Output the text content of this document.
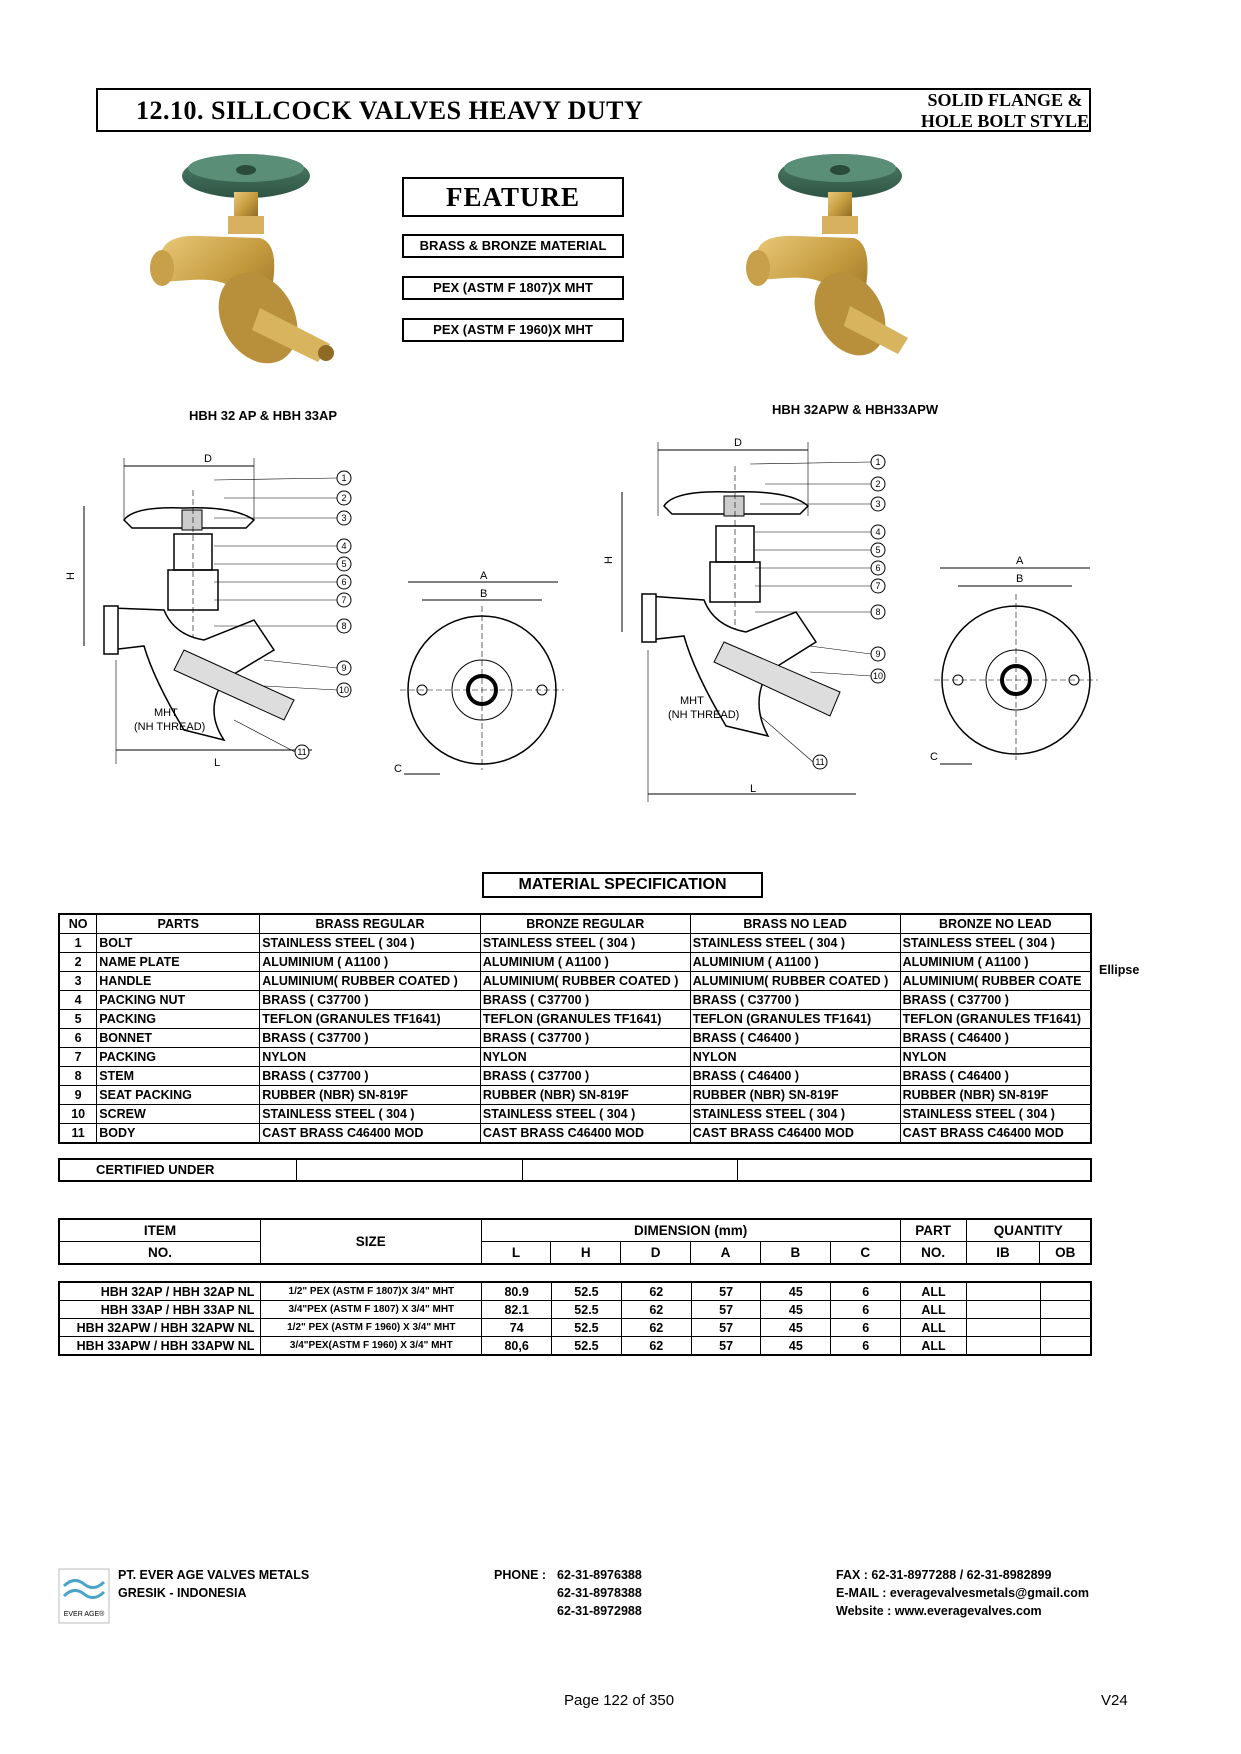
12.10. SILLCOCK VALVES HEAVY DUTY	SOLID FLANGE &
HOLE BOLT STYLE
FEATURE
BRASS & BRONZE MATERIAL
PEX (ASTM F 1807)X MHT
PEX (ASTM F 1960)X MHT
HBH 32 AP & HBH 33AP	HBH 32APW & HBH33APW
D
H
L
MHT
(NH THREAD)
1
2
3
4
5
6
7
8
9
10
11
A
B
C
D
H
L
MHT
(NH THREAD)
1
2
3
4
5
6
7
8
9
10
11
A
B
C
MATERIAL SPECIFICATION
NO	PARTS	BRASS REGULAR	BRONZE REGULAR	BRASS NO LEAD	BRONZE NO LEAD
1	BOLT	STAINLESS STEEL ( 304 )	STAINLESS STEEL ( 304 )	STAINLESS STEEL ( 304 )	STAINLESS STEEL ( 304 )
2	NAME PLATE	ALUMINIUM ( A1100 )	ALUMINIUM ( A1100 )	ALUMINIUM ( A1100 )	ALUMINIUM ( A1100 )
3	HANDLE	ALUMINIUM( RUBBER COATED )	ALUMINIUM( RUBBER COATED )	ALUMINIUM( RUBBER COATED )	ALUMINIUM( RUBBER COATE
4	PACKING NUT	BRASS ( C37700 )	BRASS ( C37700 )	BRASS ( C37700 )	BRASS ( C37700 )
5	PACKING	TEFLON (GRANULES TF1641)	TEFLON (GRANULES TF1641)	TEFLON (GRANULES TF1641)	TEFLON (GRANULES TF1641)
6	BONNET	BRASS ( C37700 )	BRASS ( C37700 )	BRASS ( C46400 )	BRASS ( C46400 )
7	PACKING	NYLON	NYLON	NYLON	NYLON
8	STEM	BRASS ( C37700 )	BRASS ( C37700 )	BRASS ( C46400 )	BRASS ( C46400 )
9	SEAT PACKING	RUBBER (NBR) SN-819F	RUBBER (NBR) SN-819F	RUBBER (NBR) SN-819F	RUBBER (NBR) SN-819F
10	SCREW	STAINLESS STEEL ( 304 )	STAINLESS STEEL ( 304 )	STAINLESS STEEL ( 304 )	STAINLESS STEEL ( 304 )
11	BODY	CAST BRASS C46400 MOD	CAST BRASS C46400 MOD	CAST BRASS C46400 MOD	CAST BRASS C46400 MOD
Ellipse
CERTIFIED UNDER			
ITEM	SIZE	DIMENSION (mm)						PART	QUANTITY	
NO.		L	H	D	A	B	C	NO.	IB	OB
HBH 32AP / HBH 32AP NL	1/2" PEX (ASTM F 1807)X 3/4" MHT	80.9	52.5	62	57	45	6	ALL		
HBH 33AP / HBH 33AP NL	3/4"PEX (ASTM F 1807) X 3/4" MHT	82.1	52.5	62	57	45	6	ALL		
HBH 32APW / HBH 32APW NL	1/2" PEX (ASTM F 1960) X 3/4" MHT	74	52.5	62	57	45	6	ALL		
HBH 33APW / HBH 33APW NL	3/4"PEX(ASTM F 1960) X 3/4" MHT	80,6	52.5	62	57	45	6	ALL		
EVER AGE®
PT. EVER AGE VALVES METALS
GRESIK - INDONESIA
PHONE : 62-31-8976388
62-31-8978388
62-31-8972988
FAX : 62-31-8977288 / 62-31-8982899
E-MAIL : everagevalvesmetals@gmail.com
Website : www.everagevalves.com
Page 122 of 350	V24
